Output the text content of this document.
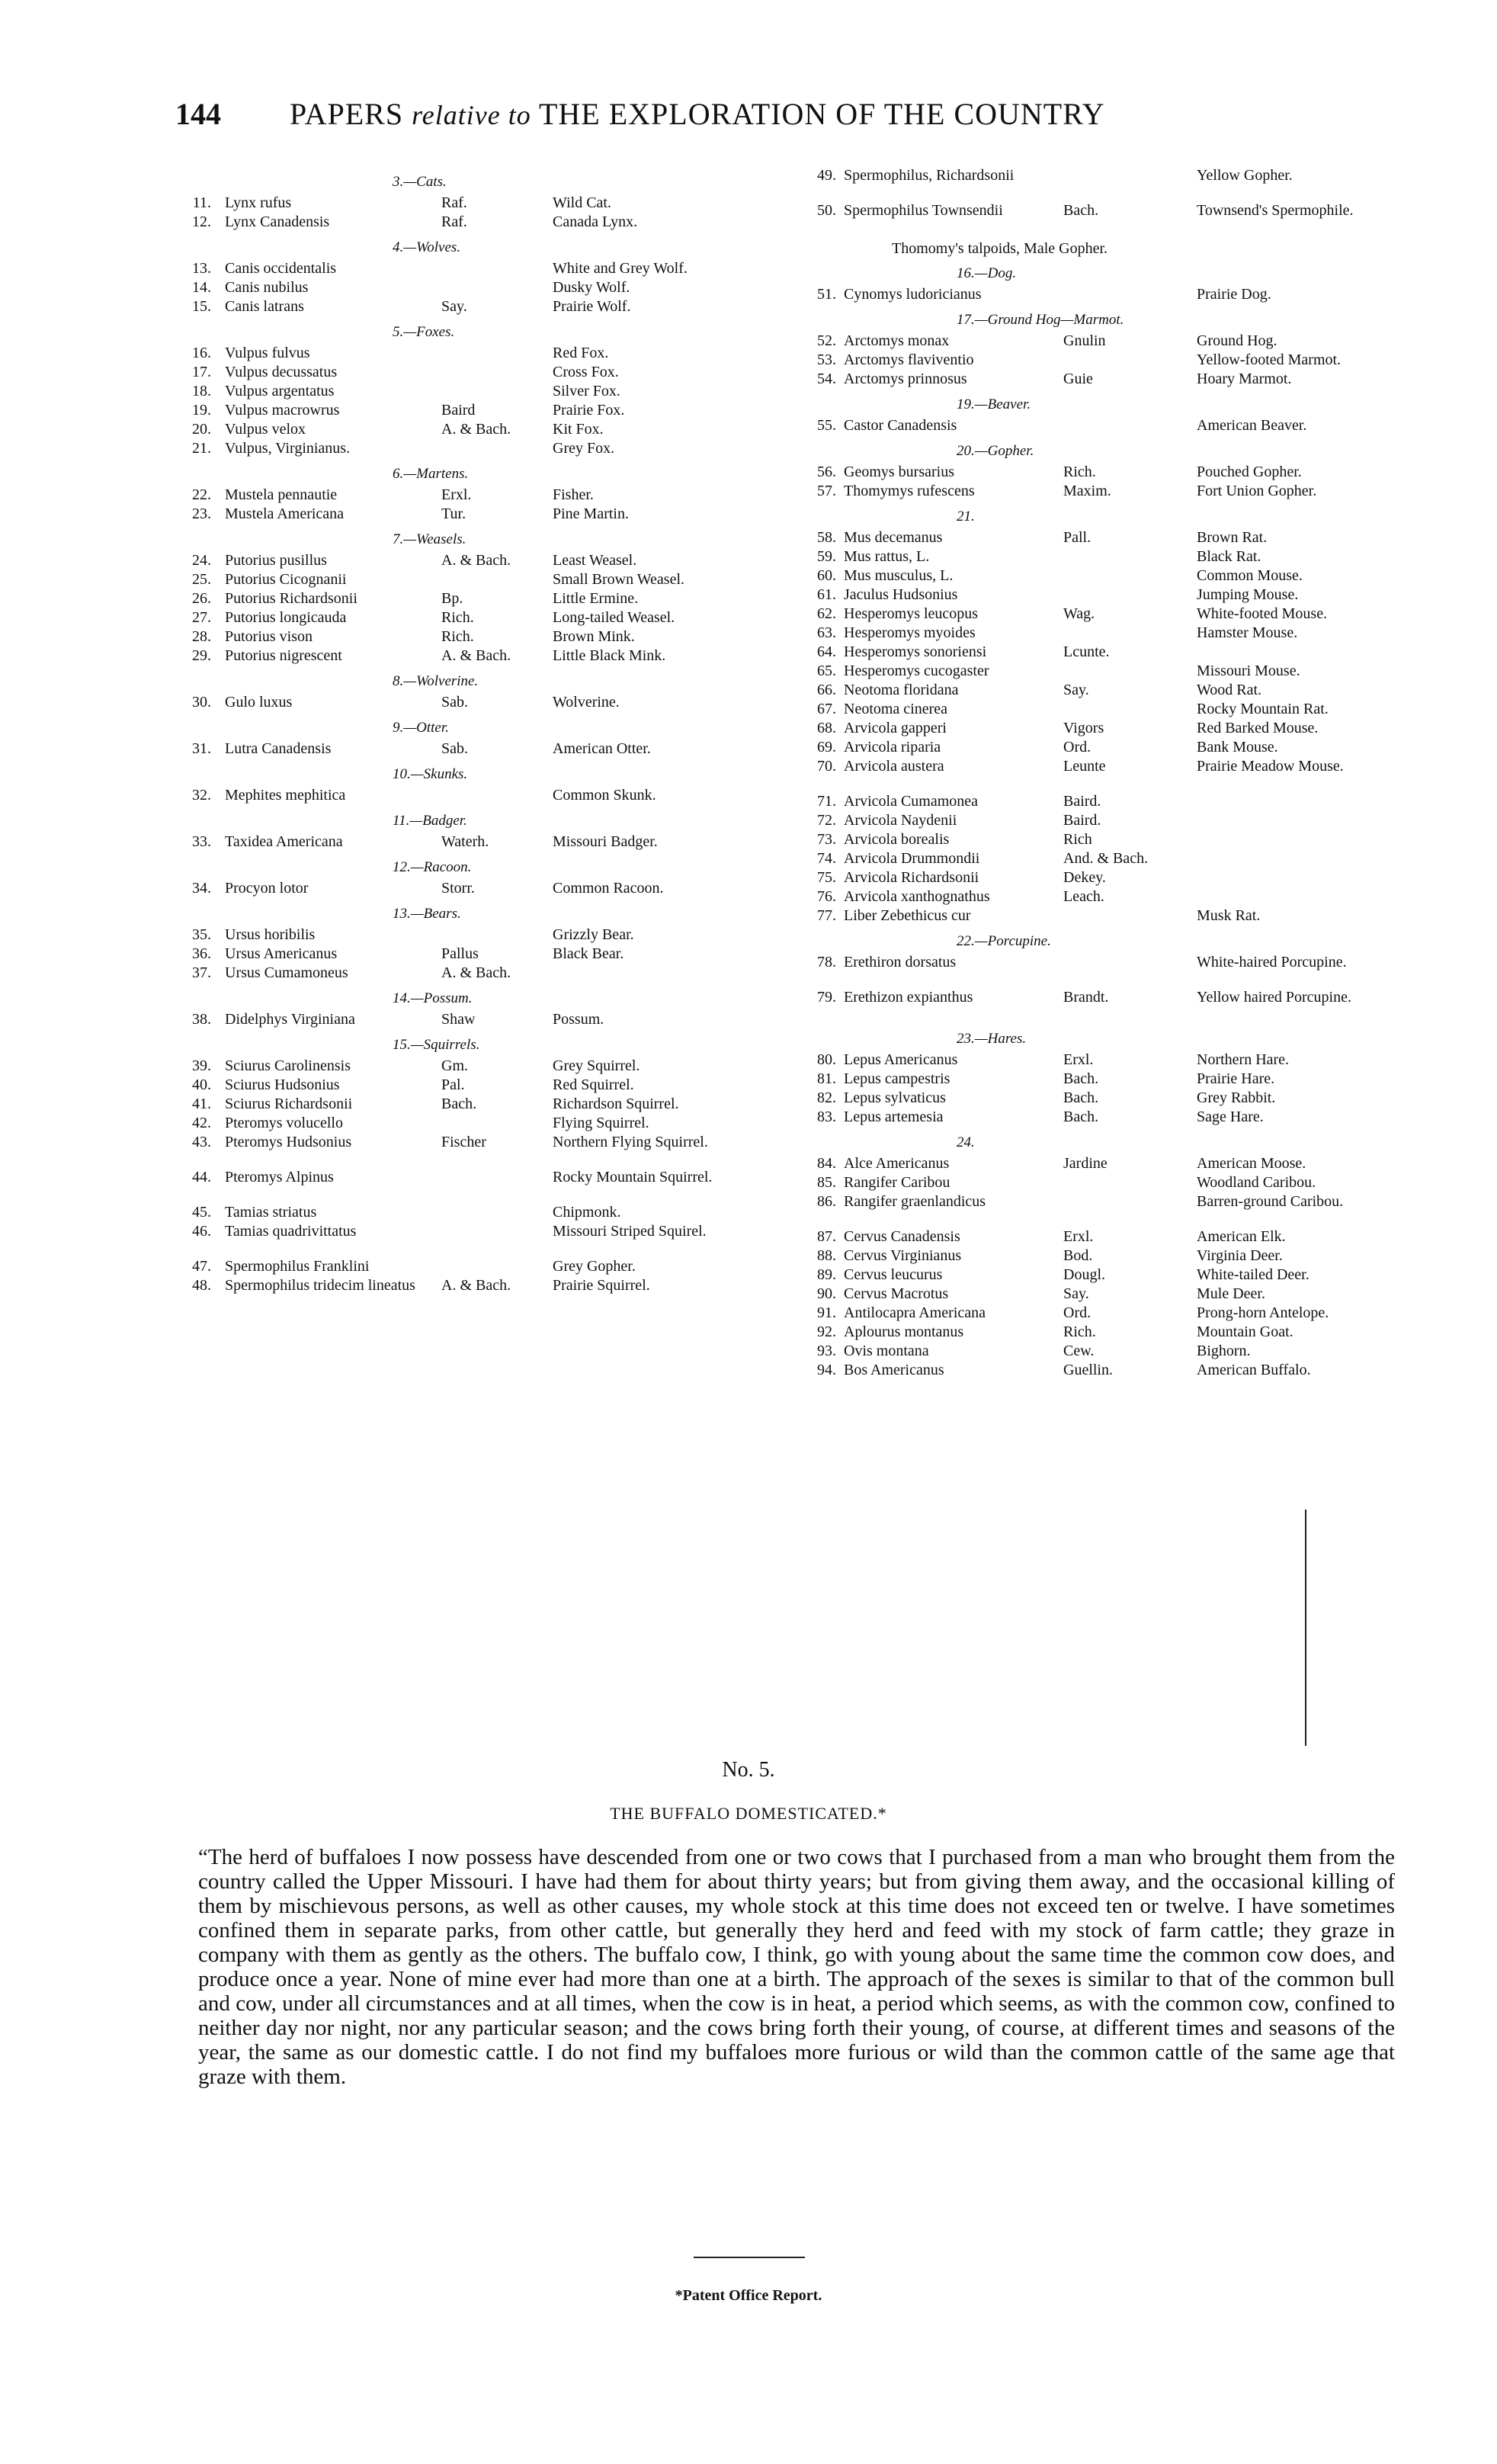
144 PAPERS relative to THE EXPLORATION OF THE COUNTRY
3.—Cats.
11. Lynx rufus	Raf.	Wild Cat.
12. Lynx Canadensis	Raf.	Canada Lynx.
4.—Wolves.
13. Canis occidentalis	White and Grey Wolf.
14. Canis nubilus	Dusky Wolf.
15. Canis latrans	Say.	Prairie Wolf.
5.—Foxes.
16. Vulpus fulvus	Red Fox.
17. Vulpus decussatus	Cross Fox.
18. Vulpus argentatus	Silver Fox.
19. Vulpus macrowrus	Baird	Prairie Fox.
20. Vulpus velox	A. & Bach.	Kit Fox.
21. Vulpus, Virginianus.	Grey Fox.
6.—Martens.
22. Mustela pennautie	Erxl.	Fisher.
23. Mustela Americana	Tur.	Pine Martin.
7.—Weasels.
24. Putorius pusillus	A. & Bach.	Least Weasel.
25. Putorius Cicognanii	Small Brown Weasel.
26. Putorius Richardsonii	Bp.	Little Ermine.
27. Putorius longicauda	Rich.	Long-tailed Weasel.
28. Putorius vison	Rich.	Brown Mink.
29. Putorius nigrescent	A. & Bach.	Little Black Mink.
8.—Wolverine.
30. Gulo luxus	Sab.	Wolverine.
9.—Otter.
31. Lutra Canadensis	Sab.	American Otter.
10.—Skunks.
32. Mephites mephitica	Common Skunk.
11.—Badger.
33. Taxidea Americana	Waterh.	Missouri Badger.
12.—Racoon.
34. Procyon lotor	Storr.	Common Racoon.
13.—Bears.
35. Ursus horibilis	Grizzly Bear.
36. Ursus Americanus	Pallus	Black Bear.
37. Ursus Cumamoneus	A. & Bach.
14.—Possum.
38. Didelphys Virginiana	Shaw	Possum.
15.—Squirrels.
39. Sciurus Carolinensis	Gm.	Grey Squirrel.
40. Sciurus Hudsonius	Pal.	Red Squirrel.
41. Sciurus Richardsonii	Bach.	Richardson Squirrel.
42. Pteromys volucello	Flying Squirrel.
43. Pteromys Hudsonius	Fischer	Northern Flying Squirrel.
44. Pteromys Alpinus	Rocky Mountain Squirrel.
45. Tamias striatus	Chipmonk.
46. Tamias quadrivittatus	Missouri Striped Squirel.
47. Spermophilus Franklini	Grey Gopher.
48. Spermophilus tridecim lineatus	A. & Bach.	Prairie Squirrel.
49. Spermophilus, Richardsonii	Yellow Gopher.
50. Spermophilus Townsendii	Bach.	Townsend's Spermophile.
Thomomy's talpoids, Male Gopher.
16.—Dog.
51. Cynomys ludoricianus	Prairie Dog.
17.—Ground Hog—Marmot.
52. Arctomys monax	Gnulin	Ground Hog.
53. Arctomys flaviventio	Yellow-footed Marmot.
54. Arctomys prinnosus	Guie	Hoary Marmot.
19.—Beaver.
55. Castor Canadensis	American Beaver.
20.—Gopher.
56. Geomys bursarius	Rich.	Pouched Gopher.
57. Thomymys rufescens	Maxim.	Fort Union Gopher.
21.
58. Mus decemanus	Pall.	Brown Rat.
59. Mus rattus, L.	Black Rat.
60. Mus musculus, L.	Common Mouse.
61. Jaculus Hudsonius	Jumping Mouse.
62. Hesperomys leucopus	Wag.	White-footed Mouse.
63. Hesperomys myoides	Hamster Mouse.
64. Hesperomys sonoriensi	Lcunte.
65. Hesperomys cucogaster	Missouri Mouse.
66. Neotoma floridana	Say.	Wood Rat.
67. Neotoma cinerea	Rocky Mountain Rat.
68. Arvicola gapperi	Vigors	Red Barked Mouse.
69. Arvicola riparia	Ord.	Bank Mouse.
70. Arvicola austera	Leunte	Prairie Meadow Mouse.
71. Arvicola Cumamonea	Baird.
72. Arvicola Naydenii	Baird.
73. Arvicola borealis	Rich
74. Arvicola Drummondii	And. & Bach.
75. Arvicola Richardsonii	Dekey.
76. Arvicola xanthognathus	Leach.
77. Liber Zebethicus cur	Musk Rat.
22.—Porcupine.
78. Erethiron dorsatus	White-haired Porcupine.
79. Erethizon expianthus	Brandt.	Yellow haired Porcupine.
23.—Hares.
80. Lepus Americanus	Erxl.	Northern Hare.
81. Lepus campestris	Bach.	Prairie Hare.
82. Lepus sylvaticus	Bach.	Grey Rabbit.
83. Lepus artemesia	Bach.	Sage Hare.
24.
84. Alce Americanus	Jardine	American Moose.
85. Rangifer Caribou	Woodland Caribou.
86. Rangifer graenlandicus	Barren-ground Caribou.
87. Cervus Canadensis	Erxl.	American Elk.
88. Cervus Virginianus	Bod.	Virginia Deer.
89. Cervus leucurus	Dougl.	White-tailed Deer.
90. Cervus Macrotus	Say.	Mule Deer.
91. Antilocapra Americana	Ord.	Prong-horn Antelope.
92. Aplourus montanus	Rich.	Mountain Goat.
93. Ovis montana	Cew.	Bighorn.
94. Bos Americanus	Guellin.	American Buffalo.
No. 5.
THE BUFFALO DOMESTICATED.*

“The herd of buffaloes I now possess have descended from one or two cows that I purchased from a man who brought them from the country called the Upper Missouri. I have had them for about thirty years; but from giving them away, and the occasional killing of them by mischievous persons, as well as other causes, my whole stock at this time does not exceed ten or twelve. I have sometimes confined them in separate parks, from other cattle, but generally they herd and feed with my stock of farm cattle; they graze in company with them as gently as the others. The buffalo cow, I think, go with young about the same time the common cow does, and produce once a year. None of mine ever had more than one at a birth. The approach of the sexes is similar to that of the common bull and cow, under all circumstances and at all times, when the cow is in heat, a period which seems, as with the common cow, confined to neither day nor night, nor any particular season; and the cows bring forth their young, of course, at different times and seasons of the year, the same as our domestic cattle. I do not find my buffaloes more furious or wild than the common cattle of the same age that graze with them.

*Patent Office Report.
